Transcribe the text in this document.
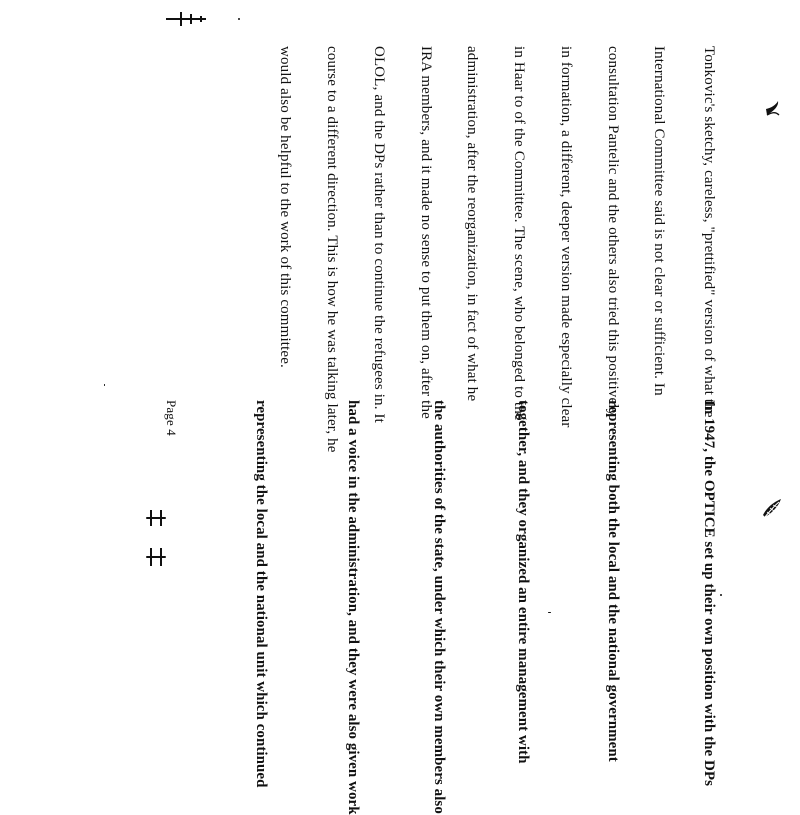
Tonkovic's sketchy, careless, "prettified" version of what the
International Committee said is not clear or sufficient. In
consultation Pantelic and the others also tried this positively
in formation, a different, deeper version made especially clear
in Haar to of the Committee. The scene, who belonged to the
administration, after the reorganization, in fact of what he
IRA members, and it made no sense to put them on, after the
OLOL, and the DPs rather than to continue the refugees in. It
course to a different direction. This is how he was talking later, he
would also be helpful to the work of this committee.
In 1947, the OPTICE set up their own position with the DPs
representing both the local and the national government
together, and they organized an entire management with
the authorities of the state, under which their own members also
had a voice in the administration, and they were also given work
representing the local and the national unit which continued
Page 4
